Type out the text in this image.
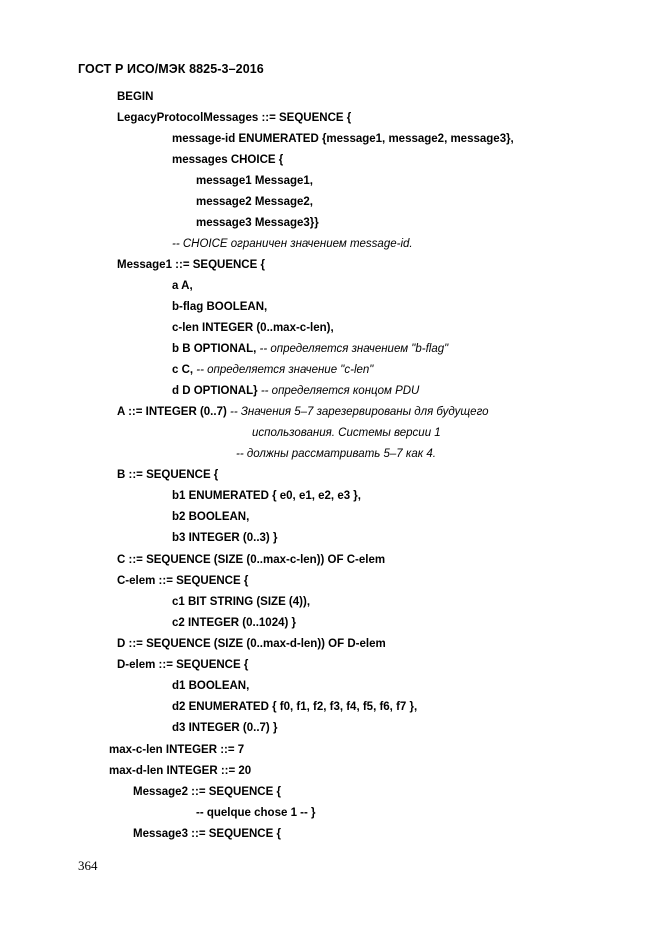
ГОСТ Р ИСО/МЭК 8825-3–2016
BEGIN
LegacyProtocolMessages ::= SEQUENCE {
message-id ENUMERATED {message1, message2, message3},
messages CHOICE {
message1 Message1,
message2 Message2,
message3 Message3}}
-- CHOICE ограничен значением message-id.
Message1 ::= SEQUENCE {
a A,
b-flag BOOLEAN,
c-len INTEGER (0..max-c-len),
b B OPTIONAL, -- определяется значением "b-flag"
c C, -- определяется значение "c-len"
d D OPTIONAL} -- определяется концом PDU
A ::= INTEGER (0..7) -- Значения 5–7 зарезервированы для будущего
использования. Системы версии 1
-- должны рассматривать 5–7 как 4.
B ::= SEQUENCE {
b1 ENUMERATED { e0, e1, e2, e3 },
b2 BOOLEAN,
b3 INTEGER (0..3) }
C ::= SEQUENCE (SIZE (0..max-c-len)) OF C-elem
C-elem ::= SEQUENCE {
c1 BIT STRING (SIZE (4)),
c2 INTEGER (0..1024) }
D ::= SEQUENCE (SIZE (0..max-d-len)) OF D-elem
D-elem ::= SEQUENCE {
d1 BOOLEAN,
d2 ENUMERATED { f0, f1, f2, f3, f4, f5, f6, f7 },
d3 INTEGER (0..7) }
max-c-len INTEGER ::= 7
max-d-len INTEGER ::= 20
Message2 ::= SEQUENCE {
-- quelque chose 1 -- }
Message3 ::= SEQUENCE {
364
